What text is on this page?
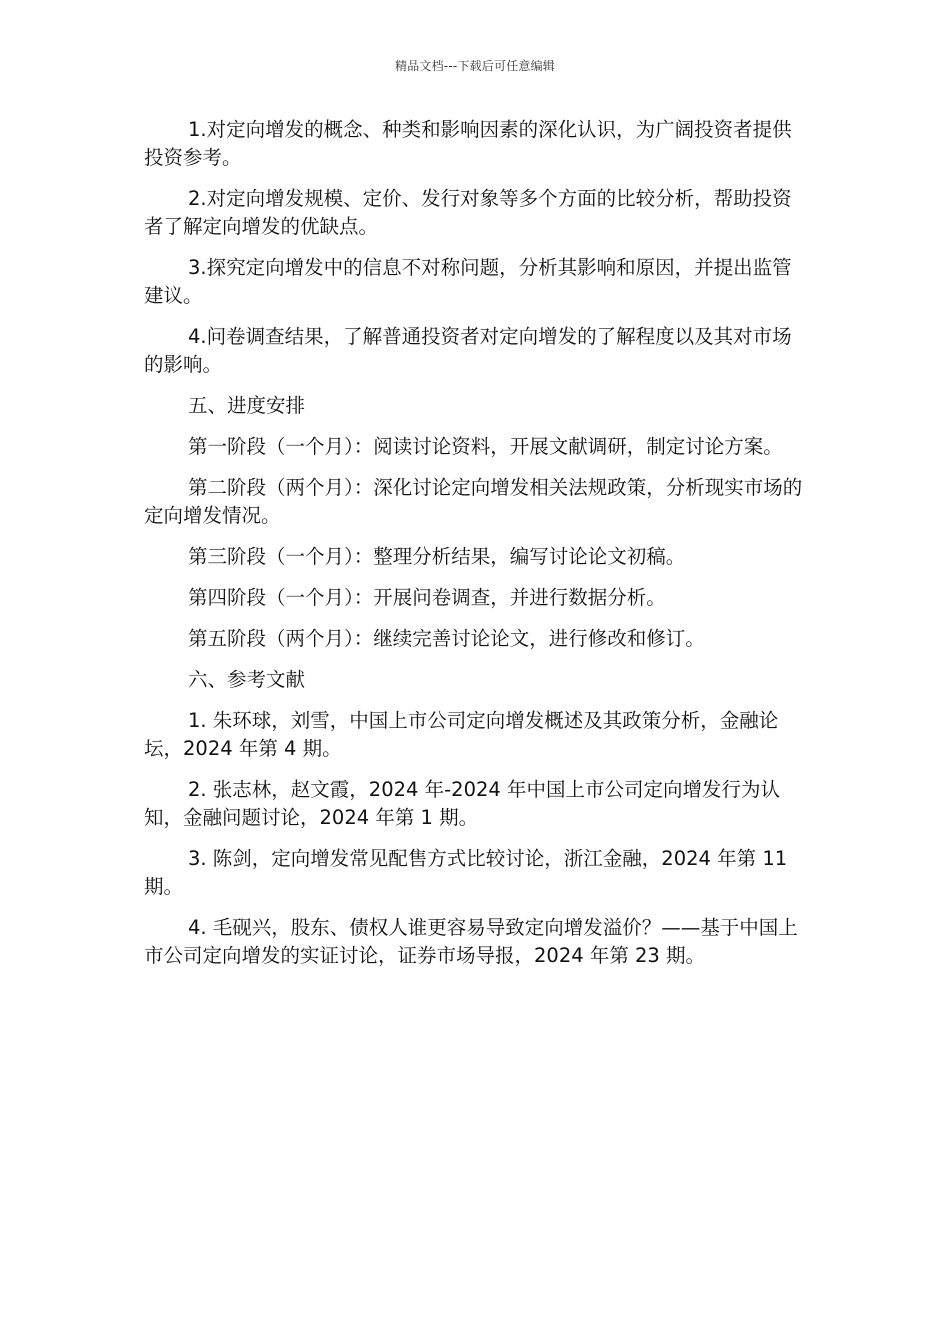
精品文档---下载后可任意编辑

1.对定向增发的概念、种类和影响因素的深化认识，为广阔投资者提供投资参考。

2.对定向增发规模、定价、发行对象等多个方面的比较分析，帮助投资者了解定向增发的优缺点。

3.探究定向增发中的信息不对称问题，分析其影响和原因，并提出监管建议。

4.问卷调查结果，了解普通投资者对定向增发的了解程度以及其对市场的影响。

五、进度安排

第一阶段（一个月）：阅读讨论资料，开展文献调研，制定讨论方案。

第二阶段（两个月）：深化讨论定向增发相关法规政策，分析现实市场的定向增发情况。

第三阶段（一个月）：整理分析结果，编写讨论论文初稿。

第四阶段（一个月）：开展问卷调查，并进行数据分析。

第五阶段（两个月）：继续完善讨论论文，进行修改和修订。

六、参考文献

1. 朱环球，刘雪，中国上市公司定向增发概述及其政策分析，金融论坛，2024 年第 4 期。

2. 张志林，赵文霞，2024 年-2024 年中国上市公司定向增发行为认知，金融问题讨论，2024 年第 1 期。

3. 陈剑，定向增发常见配售方式比较讨论，浙江金融，2024 年第 11 期。

4. 毛砚兴，股东、债权人谁更容易导致定向增发溢价？——基于中国上市公司定向增发的实证讨论，证券市场导报，2024 年第 23 期。
